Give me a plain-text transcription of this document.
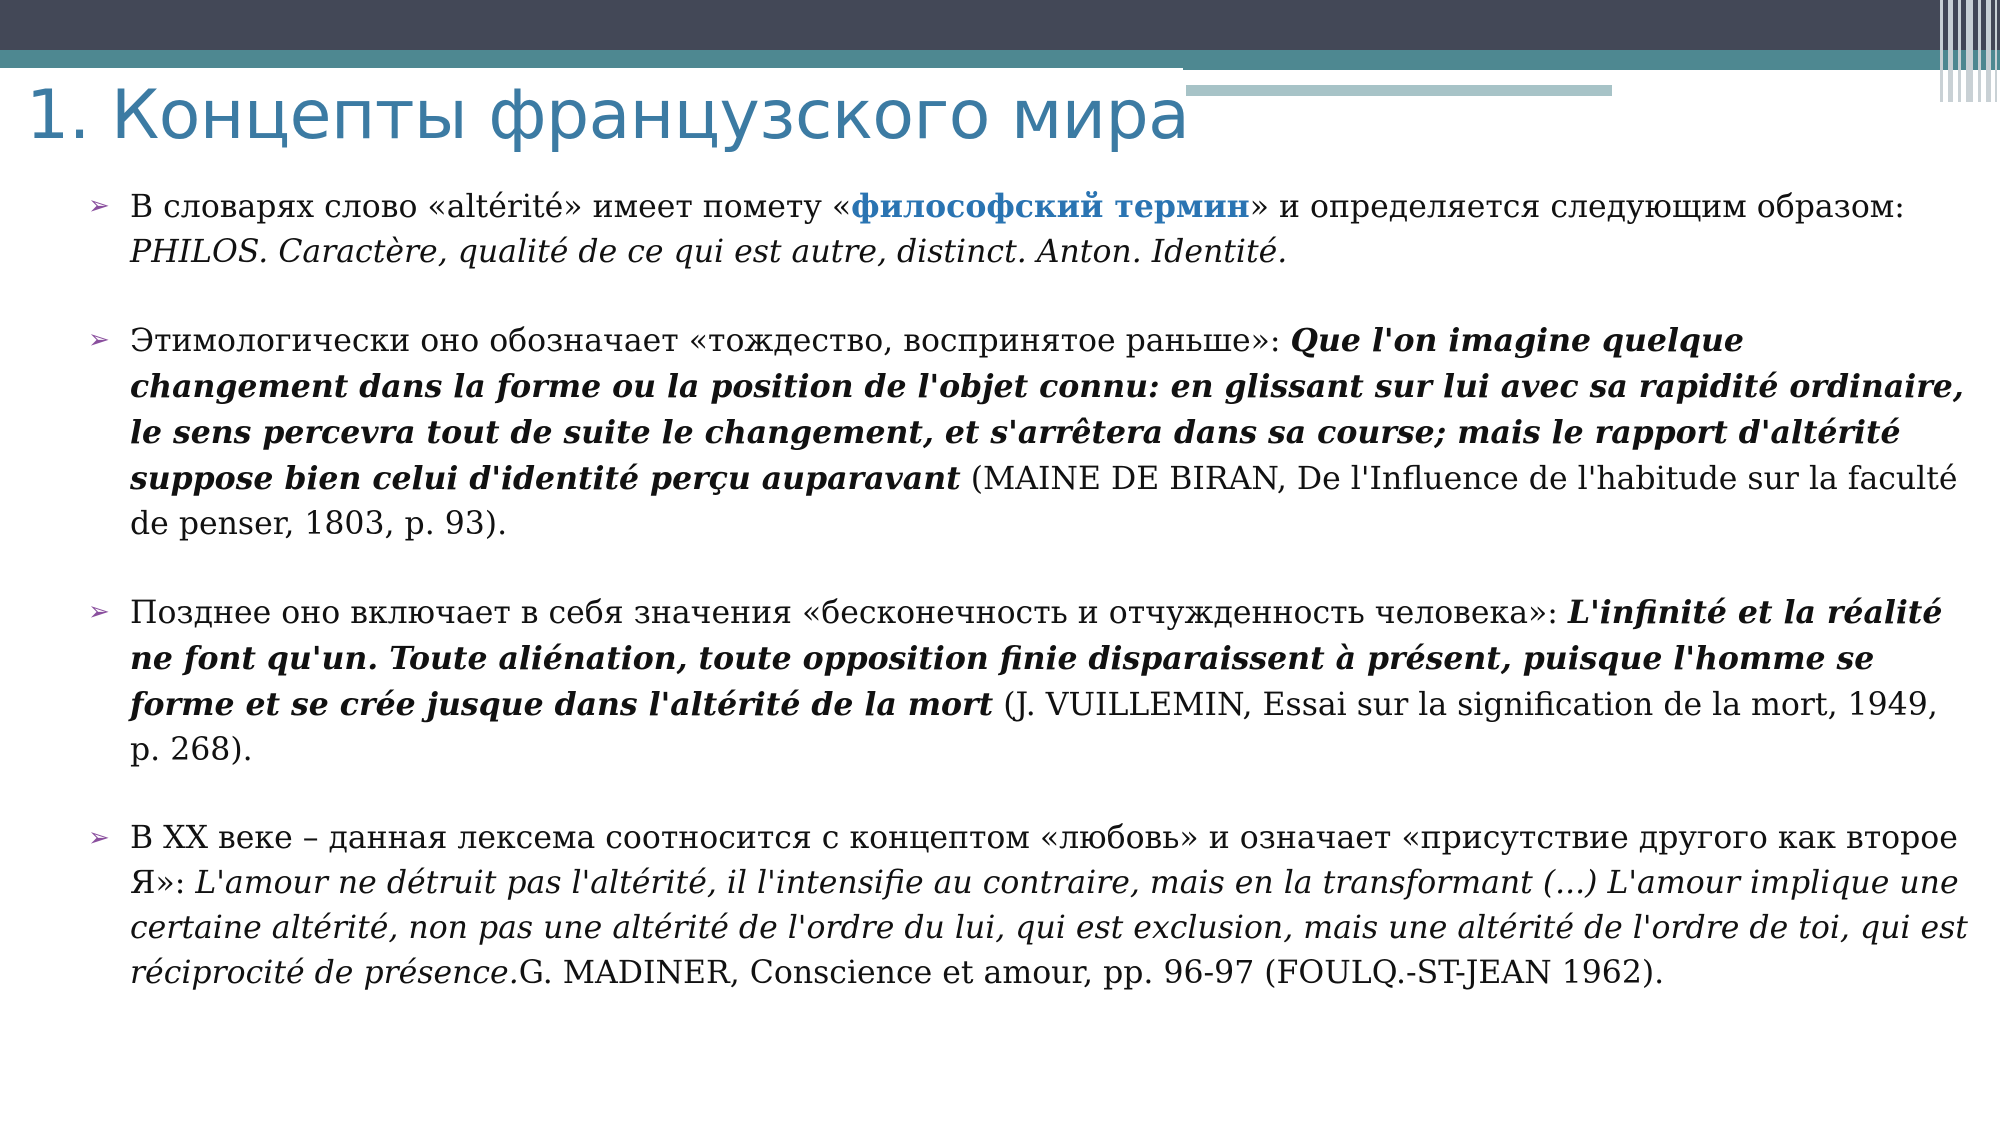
1. Концепты французского мира
➢ В словарях слово «altérité» имеет помету «философский термин» и определяется следующим образом: PHILOS. Caractère, qualité de ce qui est autre, distinct. Anton. Identité.
➢ Этимологически оно обозначает «тождество, воспринятое раньше»: Que l'on imagine quelque changement dans la forme ou la position de l'objet connu: en glissant sur lui avec sa rapidité ordinaire, le sens percevra tout de suite le changement, et s'arrêtera dans sa course; mais le rapport d'altérité suppose bien celui d'identité perçu auparavant (MAINE DE BIRAN, De l'Influence de l'habitude sur la faculté de penser, 1803, p. 93).
➢ Позднее оно включает в себя значения «бесконечность и отчужденность человека»: L'infinité et la réalité ne font qu'un. Toute aliénation, toute opposition finie disparaissent à présent, puisque l'homme se forme et se crée jusque dans l'altérité de la mort (J. VUILLEMIN, Essai sur la signification de la mort, 1949, p. 268).
➢ В XX веке – данная лексема соотносится с концептом «любовь» и означает «присутствие другого как второе Я»: L'amour ne détruit pas l'altérité, il l'intensifie au contraire, mais en la transformant (...) L'amour implique une certaine altérité, non pas une altérité de l'ordre du lui, qui est exclusion, mais une altérité de l'ordre de toi, qui est réciprocité de présence.G. MADINER, Conscience et amour, pp. 96-97 (FOULQ.-ST-JEAN 1962).
